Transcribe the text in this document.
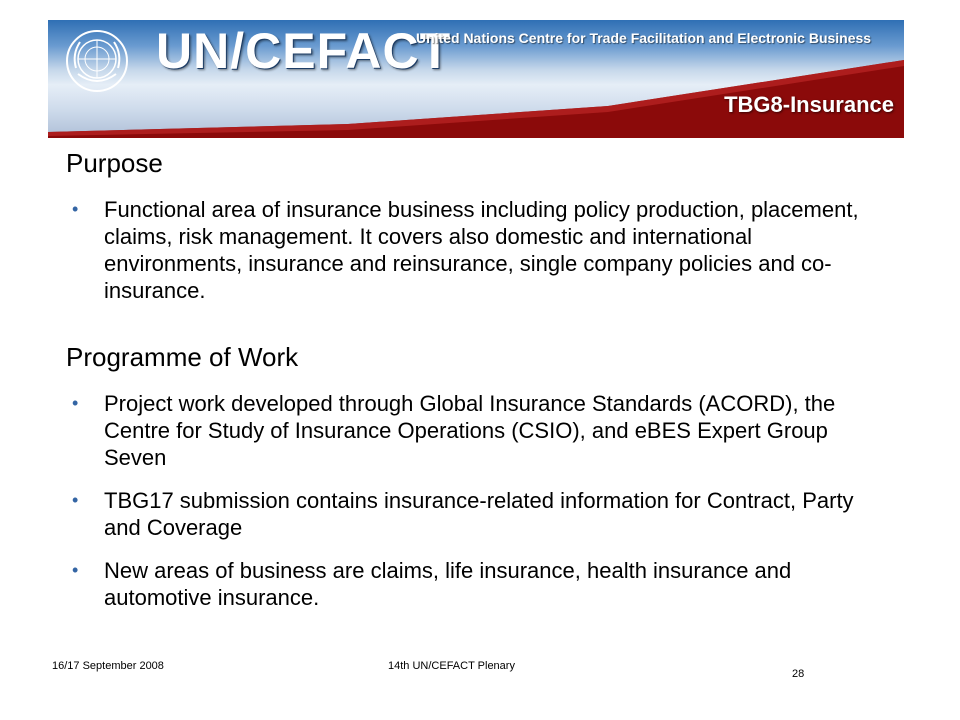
UN/CEFACT
United Nations Centre for Trade Facilitation and Electronic Business
TBG8-Insurance
Purpose
• Functional area of insurance business including policy production, placement, claims, risk management. It covers also domestic and international environments, insurance and reinsurance, single company policies and co-insurance.
Programme of Work
• Project work developed through Global Insurance Standards (ACORD), the Centre for Study of Insurance Operations (CSIO), and eBES Expert Group Seven
• TBG17 submission contains insurance-related information for Contract, Party and Coverage
• New areas of business are claims, life insurance, health insurance and automotive insurance.
16/17 September 2008	14th UN/CEFACT Plenary
28
